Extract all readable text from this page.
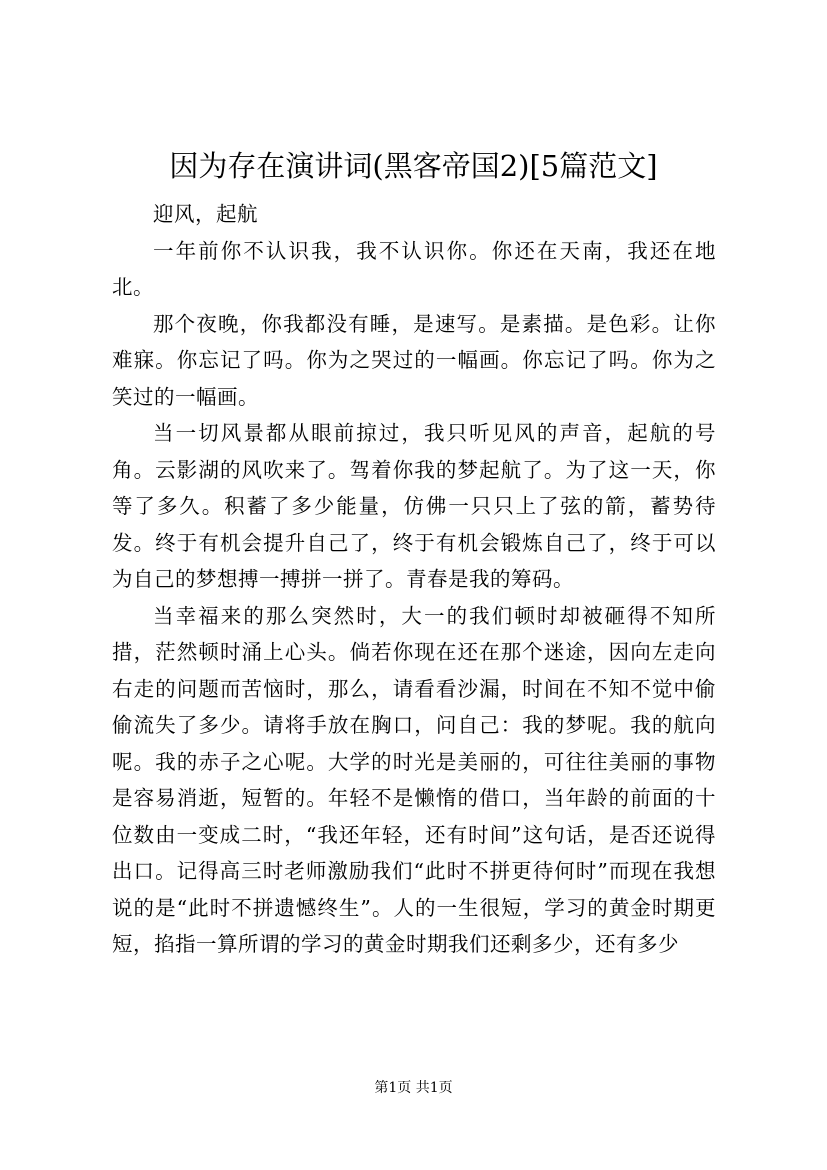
因为存在演讲词(黑客帝国2)[5篇范文]

迎风，起航

一年前你不认识我，我不认识你。你还在天南，我还在地北。

那个夜晚，你我都没有睡，是速写。是素描。是色彩。让你难寐。你忘记了吗。你为之哭过的一幅画。你忘记了吗。你为之笑过的一幅画。

当一切风景都从眼前掠过，我只听见风的声音，起航的号角。云影湖的风吹来了。驾着你我的梦起航了。为了这一天，你等了多久。积蓄了多少能量，仿佛一只只上了弦的箭，蓄势待发。终于有机会提升自己了，终于有机会锻炼自己了，终于可以为自己的梦想搏一搏拼一拼了。青春是我的筹码。

当幸福来的那么突然时，大一的我们顿时却被砸得不知所措，茫然顿时涌上心头。倘若你现在还在那个迷途，因向左走向右走的问题而苦恼时，那么，请看看沙漏，时间在不知不觉中偷偷流失了多少。请将手放在胸口，问自己：我的梦呢。我的航向呢。我的赤子之心呢。大学的时光是美丽的，可往往美丽的事物是容易消逝，短暂的。年轻不是懒惰的借口，当年龄的前面的十位数由一变成二时，“我还年轻，还有时间”这句话，是否还说得出口。记得高三时老师激励我们“此时不拼更待何时”而现在我想说的是“此时不拼遗憾终生”。人的一生很短，学习的黄金时期更短，掐指一算所谓的学习的黄金时期我们还剩多少，还有多少

第1页 共1页
